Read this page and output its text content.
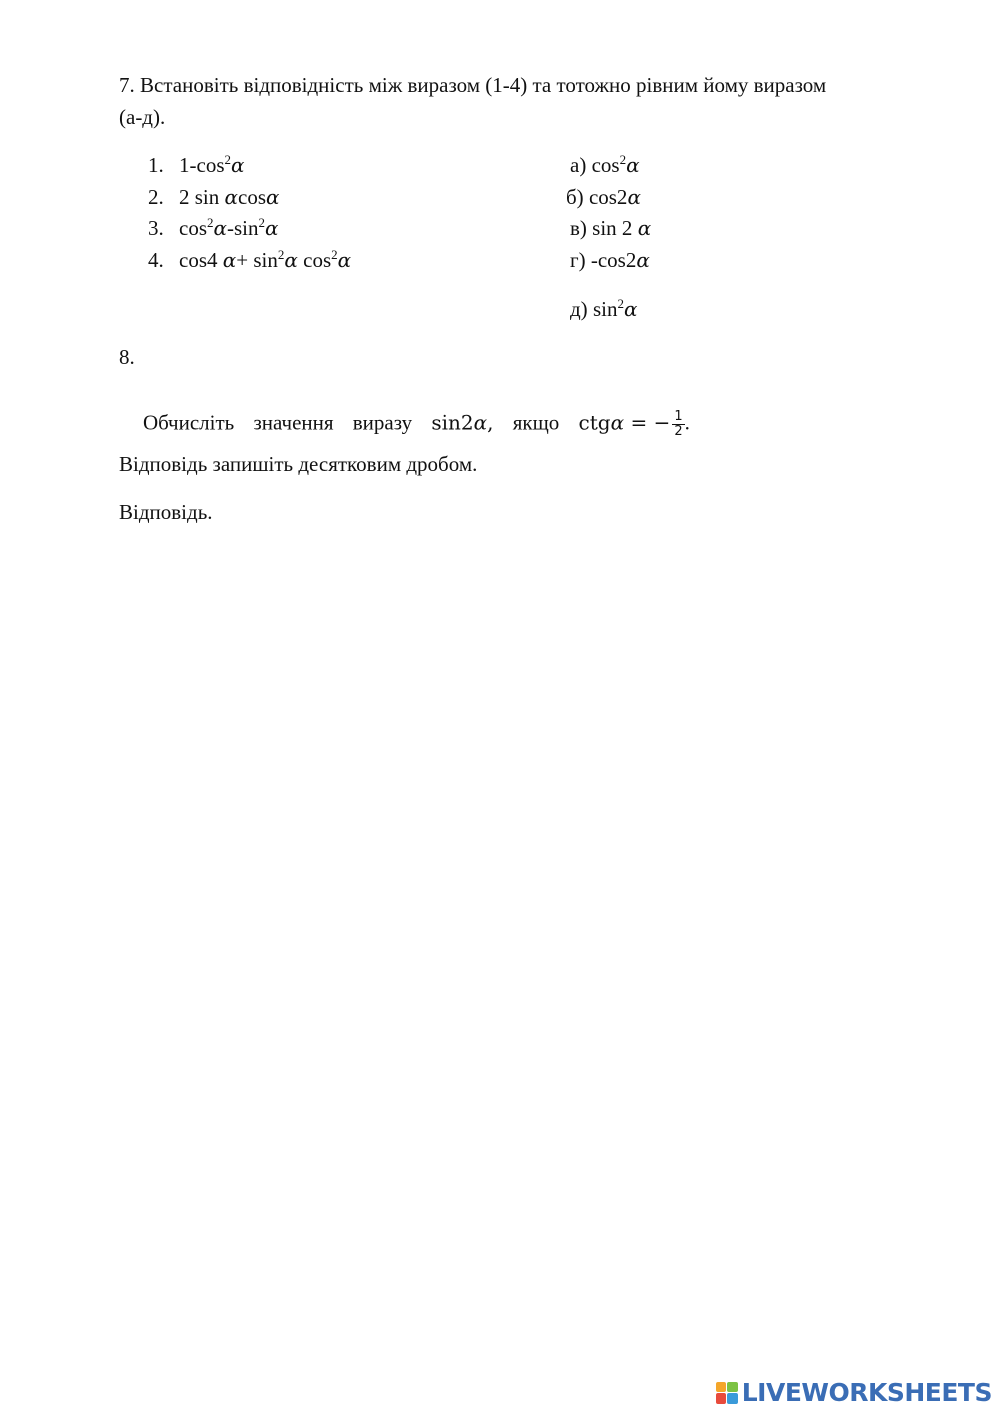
7. Встановіть відповідність між виразом (1-4) та тотожно рівним йому виразом
(а-д).
1. $1-\cos^2\alpha$
2. 2 sin αcosα
3. $\cos^2\alpha-\sin^2\alpha$
4. cos4 $\alpha+ \sin^2\alpha$ $\cos^2\alpha$
а) $\cos^2\alpha$
б) cos2α
в) sin 2 α
г) -cos2α
д) $\sin^2\alpha$
8.
Обчисліть значення виразу sin2α, якщо ctgα = − $\frac{1}{2}$ .
Відповідь запишіть десятковим дробом.
Відповідь.
LIVEWORKSHEETS
